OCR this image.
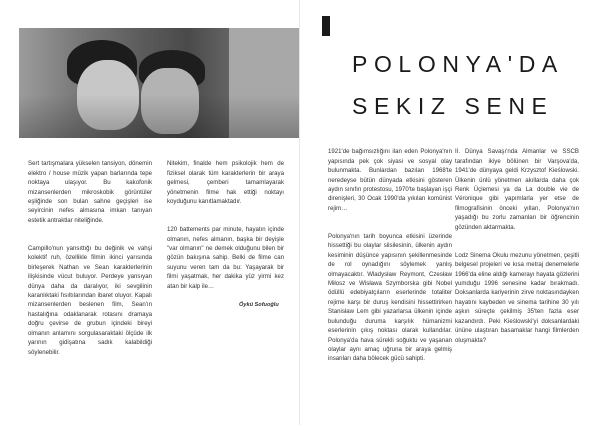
Sert tartışmalara yükselen tansiyon, dönemin elektro / house müzik yapan barlarında tepe noktaya ulaşıyor. Bu kakofonik mizansenlerden mikroskobik görüntüler eşliğinde son bulan sahne geçişleri ise seyircinin nefes almasına imkan tanıyan estetik antraktlar niteliğinde.

Campillo'nun yansıttığı bu değinik ve vahşi kolektif ruh, özellikle filmin ikinci yarısında birleşerek Nathan ve Sean karakterlerinin ilişkisinde vücut buluyor. Perdeye yansıyan dünya daha da daralıyor, iki sevgilinin karanlıktaki fısıltılarından ibaret oluyor. Kapalı mizansenlerden beslenen film, Sean'ın hastalığına odaklanarak rotasını dramaya doğru çevirse de grubun içindeki bireyi olmanın anlamını sorgulasaraktaki ölçüde ilk yarının gidişatına sadık kalabildiği söylenebilir.

Nitekim, finalde hem psikolojik hem de fiziksel olarak tüm karakterlerin bir araya gelmesi, çemberi tamamlayarak yönetmenin filme hak ettiği noktayı koyduğunu kanıtlamaktadır.

120 battements par minute, hayatın içinde olmanın, nefes almanın, başka bir deyişle "var olmanın" ne demek olduğunu bilen bir gözün bakışına sahip. Belki de filme can suyunu veren tam da bu: Yaşayarak bir filmi yaşatmak, her dakika yüz yirmi kez atan bir kalp ile…

Öykü Sofuoğlu
POLONYA'DA
SEKIZ SENE

1921'de bağımsızlığını ilan eden Polonya'nın yapısında pek çok siyasi ve sosyal olay bulunmakta. Bunlardan bazıları 1968'te neredeyse bütün dünyada etkisini gösteren aydın sınıfın protestosu, 1970'te başlayan işçi direnişleri, 30 Ocak 1990'da yıkılan komünist rejim…

Polonya'nın tarih boyunca etkisini üzerinde hissettiği bu olaylar silsilesinin, ülkenin aydın kesiminin düşünce yapısının şekillenmesinde de rol oynadığını söylemek yanlış olmayacaktır. Wladysław Reymont, Czesław Miłosz ve Wisława Szymborska gibi Nobel ödüllü edebiyatçıların eserlerinde totaliter rejime karşı bir duruş kendisini hissettirirken Stanisław Lem gibi yazarlarsa ülkenin içinde bulunduğu duruma karşılık hümanizmi eserlerinin çıkış noktası olarak kullandılar. Polonya'da hava sürekli soğuktu ve yaşanan olaylar aynı amaç uğruna bir araya gelmiş insanları daha bölecek gücü sahipti.

II. Dünya Savaşı'nda Almanlar ve SSCB tarafından ikiye bölünen bir Varşova'da, 1941'de dünyaya geldi Krzysztof Kieślowski. Ülkenin ünlü yönetmen akıllarda daha çok Renk Üçlemesi ya da La double vie de Véronique gibi yapımlarla yer etse de filmografisinin önceki yılları, Polonya'nın yaşadığı bu zorlu zamanları bir öğrencinin gözünden aktarmakta.

Lodz Sinema Okulu mezunu yönetmen, çeşitli belgesel projeleri ve kısa metraj denemelerle 1966'da eline aldığı kamerayı hayata gözlerini yumduğu 1996 senesine kadar bırakmadı. Doksanlarda kariyerinin zirve noktasındayken hayatını kaybeden ve sinema tarihine 30 yılı aşkın süreçte çekilmiş 35'ten fazla eser kazandırdı. Peki Kieślowski'yi doksanlardaki ününe ulaştıran basamaklar hangi filmlerden oluşmakta?
